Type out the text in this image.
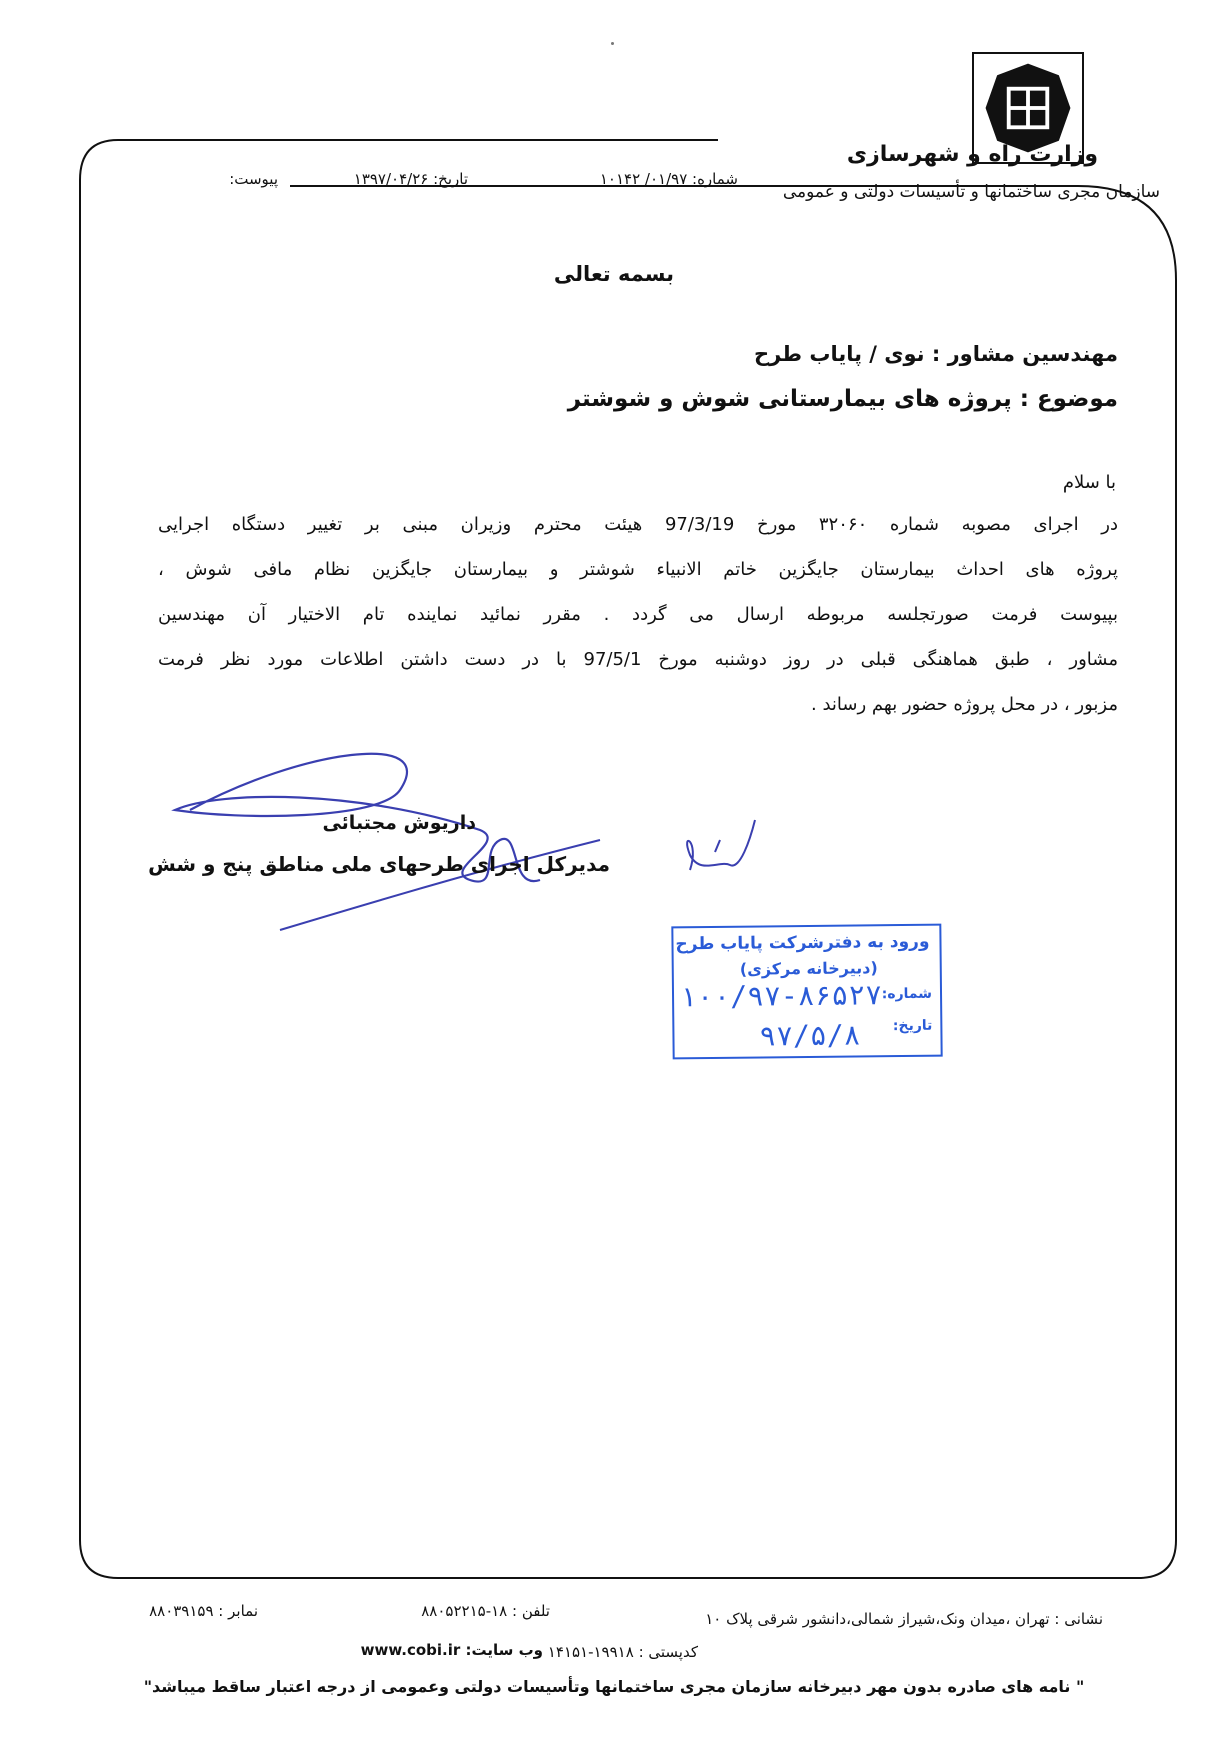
وزارت راه و شهرسازی
سازمان مجری ساختمانها و تأسیسات دولتی و عمومی
شماره: ۰۱/۹۷/ ۱۰۱۴۲
تاریخ: ۱۳۹۷/۰۴/۲۶
پیوست:
بسمه تعالی
مهندسین مشاور : نوی / پایاب طرح
موضوع : پروژه های بیمارستانی شوش و شوشتر
با سلام
در اجرای مصوبه شماره ۳۲۰۶۰ مورخ 97/3/19 هیئت محترم وزیران مبنی بر تغییر دستگاه اجرایی
پروژه های احداث بیمارستان جایگزین خاتم الانبیاء شوشتر و بیمارستان جایگزین نظام مافی شوش ،
بپیوست فرمت صورتجلسه مربوطه ارسال می گردد . مقرر نمائید نماینده تام الاختیار آن مهندسین
مشاور ، طبق هماهنگی قبلی در روز دوشنبه مورخ 97/5/1 با در دست داشتن اطلاعات مورد نظر فرمت
مزبور ، در محل پروژه حضور بهم رساند .
داریوش مجتبائی
مدیرکل اجرای طرحهای ملی مناطق پنج و شش
ورود به دفترشرکت پایاب طرح
(دبیرخانه مرکزی)
شماره:
۱۰۰/۹۷-۸۶۵۲۷
تاریخ:
۹۷/۵/۸
نشانی : تهران ،میدان ونک،شیراز شمالی،دانشور شرقی پلاک ۱۰
تلفن : ۱۸-۸۸۰۵۲۲۱۵
نمابر : ۸۸۰۳۹۱۵۹
کدپستی : ۱۹۹۱۸-۱۴۱۵۱
وب سایت: www.cobi.ir
" نامه های صادره بدون مهر دبیرخانه سازمان مجری ساختمانها وتأسیسات دولتی وعمومی از درجه اعتبار ساقط میباشد"
